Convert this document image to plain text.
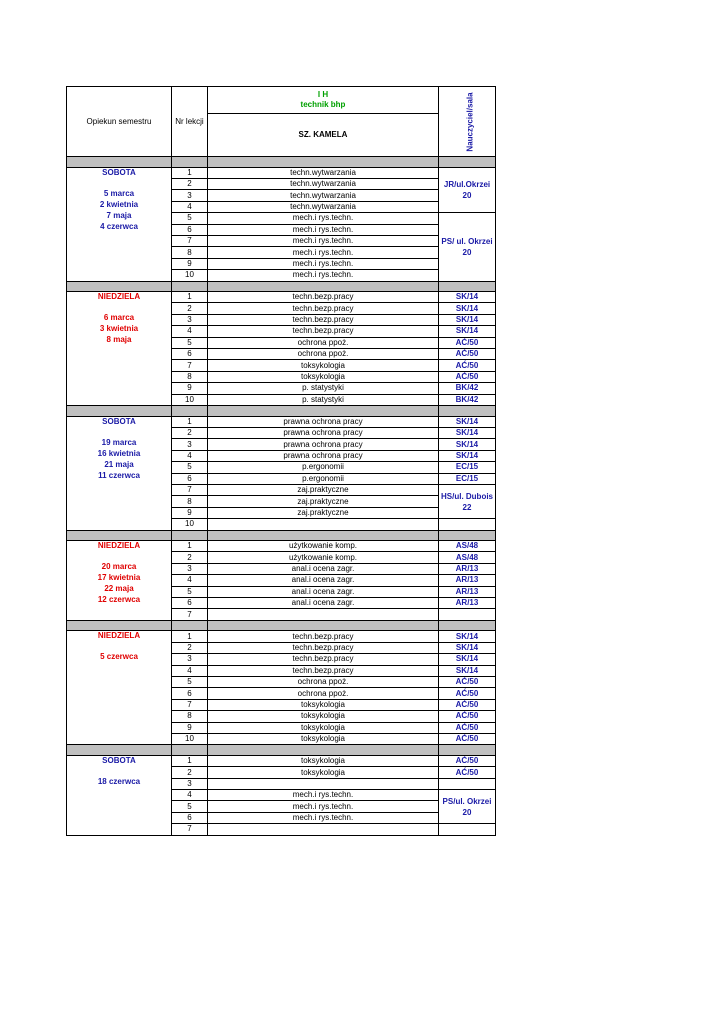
Opiekun semestru	Nr lekcji	I H
technik bhp	Nauczyciel/sala
		SZ. KAMELA	

SOBOTA
5 marca
2 kwietnia
7 maja
4 czerwca	1	techn.wytwarzania	JR/ul.Okrzei 20
	2	techn.wytwarzania	
	3	techn.wytwarzania	
	4	techn.wytwarzania	
	5	mech.i rys.techn.	PS/ ul. Okrzei 20
	6	mech.i rys.techn.	
	7	mech.i rys.techn.	
	8	mech.i rys.techn.	
	9	mech.i rys.techn.	
	10	mech.i rys.techn.	

NIEDZIELA
6 marca
3 kwietnia
8 maja	1	techn.bezp.pracy	SK/14
	2	techn.bezp.pracy	SK/14
	3	techn.bezp.pracy	SK/14
	4	techn.bezp.pracy	SK/14
	5	ochrona ppoż.	AĆ/50
	6	ochrona ppoż.	AĆ/50
	7	toksykologia	AĆ/50
	8	toksykologia	AĆ/50
	9	p. statystyki	BK/42
	10	p. statystyki	BK/42

SOBOTA
19 marca
16 kwietnia
21 maja
11 czerwca	1	prawna ochrona pracy	SK/14
	2	prawna ochrona pracy	SK/14
	3	prawna ochrona pracy	SK/14
	4	prawna ochrona pracy	SK/14
	5	p.ergonomii	EC/15
	6	p.ergonomii	EC/15
	7	zaj.praktyczne	HS/ul. Dubois 22
	8	zaj.praktyczne	
	9	zaj.praktyczne	
	10		

NIEDZIELA
20 marca
17 kwietnia
22 maja
12 czerwca	1	użytkowanie komp.	AS/48
	2	użytkowanie komp.	AS/48
	3	anal.i ocena zagr.	AR/13
	4	anal.i ocena zagr.	AR/13
	5	anal.i ocena zagr.	AR/13
	6	anal.i ocena zagr.	AR/13
	7		

NIEDZIELA
5 czerwca	1	techn.bezp.pracy	SK/14
	2	techn.bezp.pracy	SK/14
	3	techn.bezp.pracy	SK/14
	4	techn.bezp.pracy	SK/14
	5	ochrona ppoż.	AĆ/50
	6	ochrona ppoż.	AĆ/50
	7	toksykologia	AĆ/50
	8	toksykologia	AĆ/50
	9	toksykologia	AĆ/50
	10	toksykologia	AĆ/50

SOBOTA
18 czerwca	1	toksykologia	AĆ/50
	2	toksykologia	AĆ/50
	3		
	4	mech.i rys.techn.	PS/ul. Okrzei 20
	5	mech.i rys.techn.	
	6	mech.i rys.techn.	
	7		
